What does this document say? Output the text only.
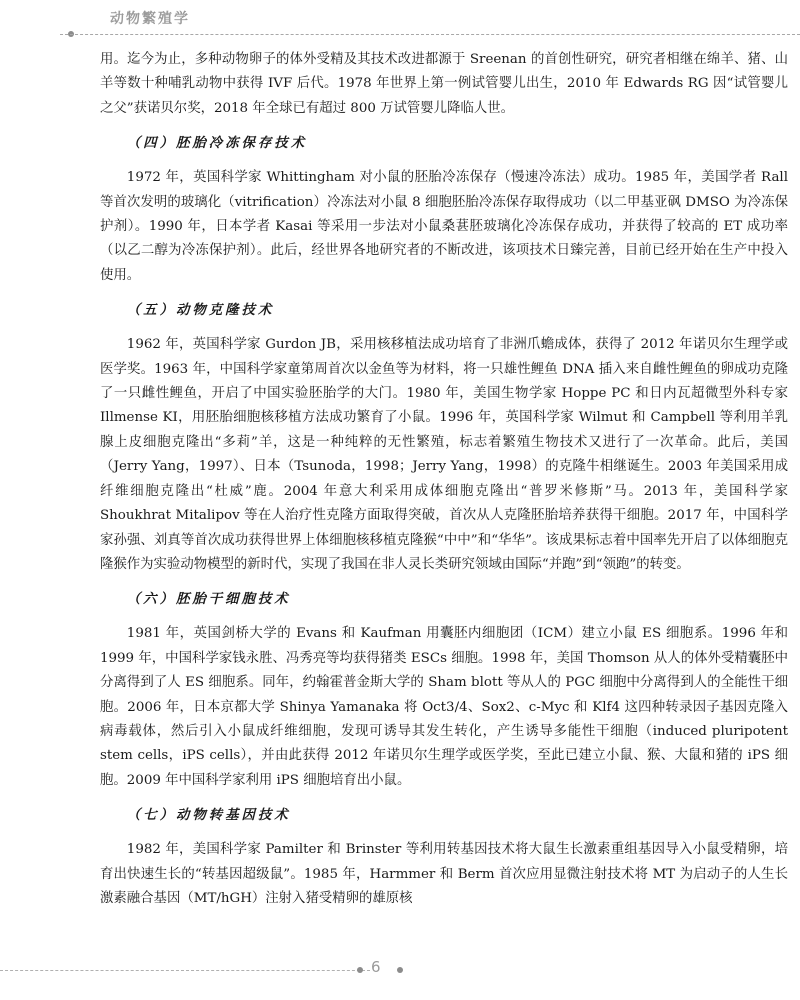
动物繁殖学

用。迄今为止，多种动物卵子的体外受精及其技术改进都源于 Sreenan 的首创性研究，研究者相继在绵羊、猪、山羊等数十种哺乳动物中获得 IVF 后代。1978 年世界上第一例试管婴儿出生，2010 年 Edwards RG 因“试管婴儿之父”获诺贝尔奖，2018 年全球已有超过 800 万试管婴儿降临人世。

（四）胚胎冷冻保存技术

1972 年，英国科学家 Whittingham 对小鼠的胚胎冷冻保存（慢速冷冻法）成功。1985 年，美国学者 Rall 等首次发明的玻璃化（vitrification）冷冻法对小鼠 8 细胞胚胎冷冻保存取得成功（以二甲基亚砜 DMSO 为冷冻保护剂）。1990 年，日本学者 Kasai 等采用一步法对小鼠桑葚胚玻璃化冷冻保存成功，并获得了较高的 ET 成功率（以乙二醇为冷冻保护剂）。此后，经世界各地研究者的不断改进，该项技术日臻完善，目前已经开始在生产中投入使用。

（五）动物克隆技术

1962 年，英国科学家 Gurdon JB，采用核移植法成功培育了非洲爪蟾成体，获得了 2012 年诺贝尔生理学或医学奖。1963 年，中国科学家童第周首次以金鱼等为材料，将一只雄性鲤鱼 DNA 插入来自雌性鲤鱼的卵成功克隆了一只雌性鲤鱼，开启了中国实验胚胎学的大门。1980 年，美国生物学家 Hoppe PC 和日内瓦超微型外科专家 Illmense KI，用胚胎细胞核移植方法成功繁育了小鼠。1996 年，英国科学家 Wilmut 和 Campbell 等利用羊乳腺上皮细胞克隆出“多莉”羊，这是一种纯粹的无性繁殖，标志着繁殖生物技术又进行了一次革命。此后，美国（Jerry Yang，1997）、日本（Tsunoda，1998；Jerry Yang，1998）的克隆牛相继诞生。2003 年美国采用成纤维细胞克隆出“杜威”鹿。2004 年意大利采用成体细胞克隆出“普罗米修斯”马。2013 年，美国科学家 Shoukhrat Mitalipov 等在人治疗性克隆方面取得突破，首次从人克隆胚胎培养获得干细胞。2017 年，中国科学家孙强、刘真等首次成功获得世界上体细胞核移植克隆猴“中中”和“华华”。该成果标志着中国率先开启了以体细胞克隆猴作为实验动物模型的新时代，实现了我国在非人灵长类研究领域由国际“并跑”到“领跑”的转变。

（六）胚胎干细胞技术

1981 年，英国剑桥大学的 Evans 和 Kaufman 用囊胚内细胞团（ICM）建立小鼠 ES 细胞系。1996 年和 1999 年，中国科学家钱永胜、冯秀亮等均获得猪类 ESCs 细胞。1998 年，美国 Thomson 从人的体外受精囊胚中分离得到了人 ES 细胞系。同年，约翰霍普金斯大学的 Sham blott 等从人的 PGC 细胞中分离得到人的全能性干细胞。2006 年，日本京都大学 Shinya Yamanaka 将 Oct3/4、Sox2、c-Myc 和 Klf4 这四种转录因子基因克隆入病毒载体，然后引入小鼠成纤维细胞，发现可诱导其发生转化，产生诱导多能性干细胞（induced pluripotent stem cells，iPS cells），并由此获得 2012 年诺贝尔生理学或医学奖，至此已建立小鼠、猴、大鼠和猪的 iPS 细胞。2009 年中国科学家利用 iPS 细胞培育出小鼠。

（七）动物转基因技术

1982 年，美国科学家 Pamilter 和 Brinster 等利用转基因技术将大鼠生长激素重组基因导入小鼠受精卵，培育出快速生长的“转基因超级鼠”。1985 年，Harmmer 和 Berm 首次应用显微注射技术将 MT 为启动子的人生长激素融合基因（MT/hGH）注射入猪受精卵的雄原核

6
